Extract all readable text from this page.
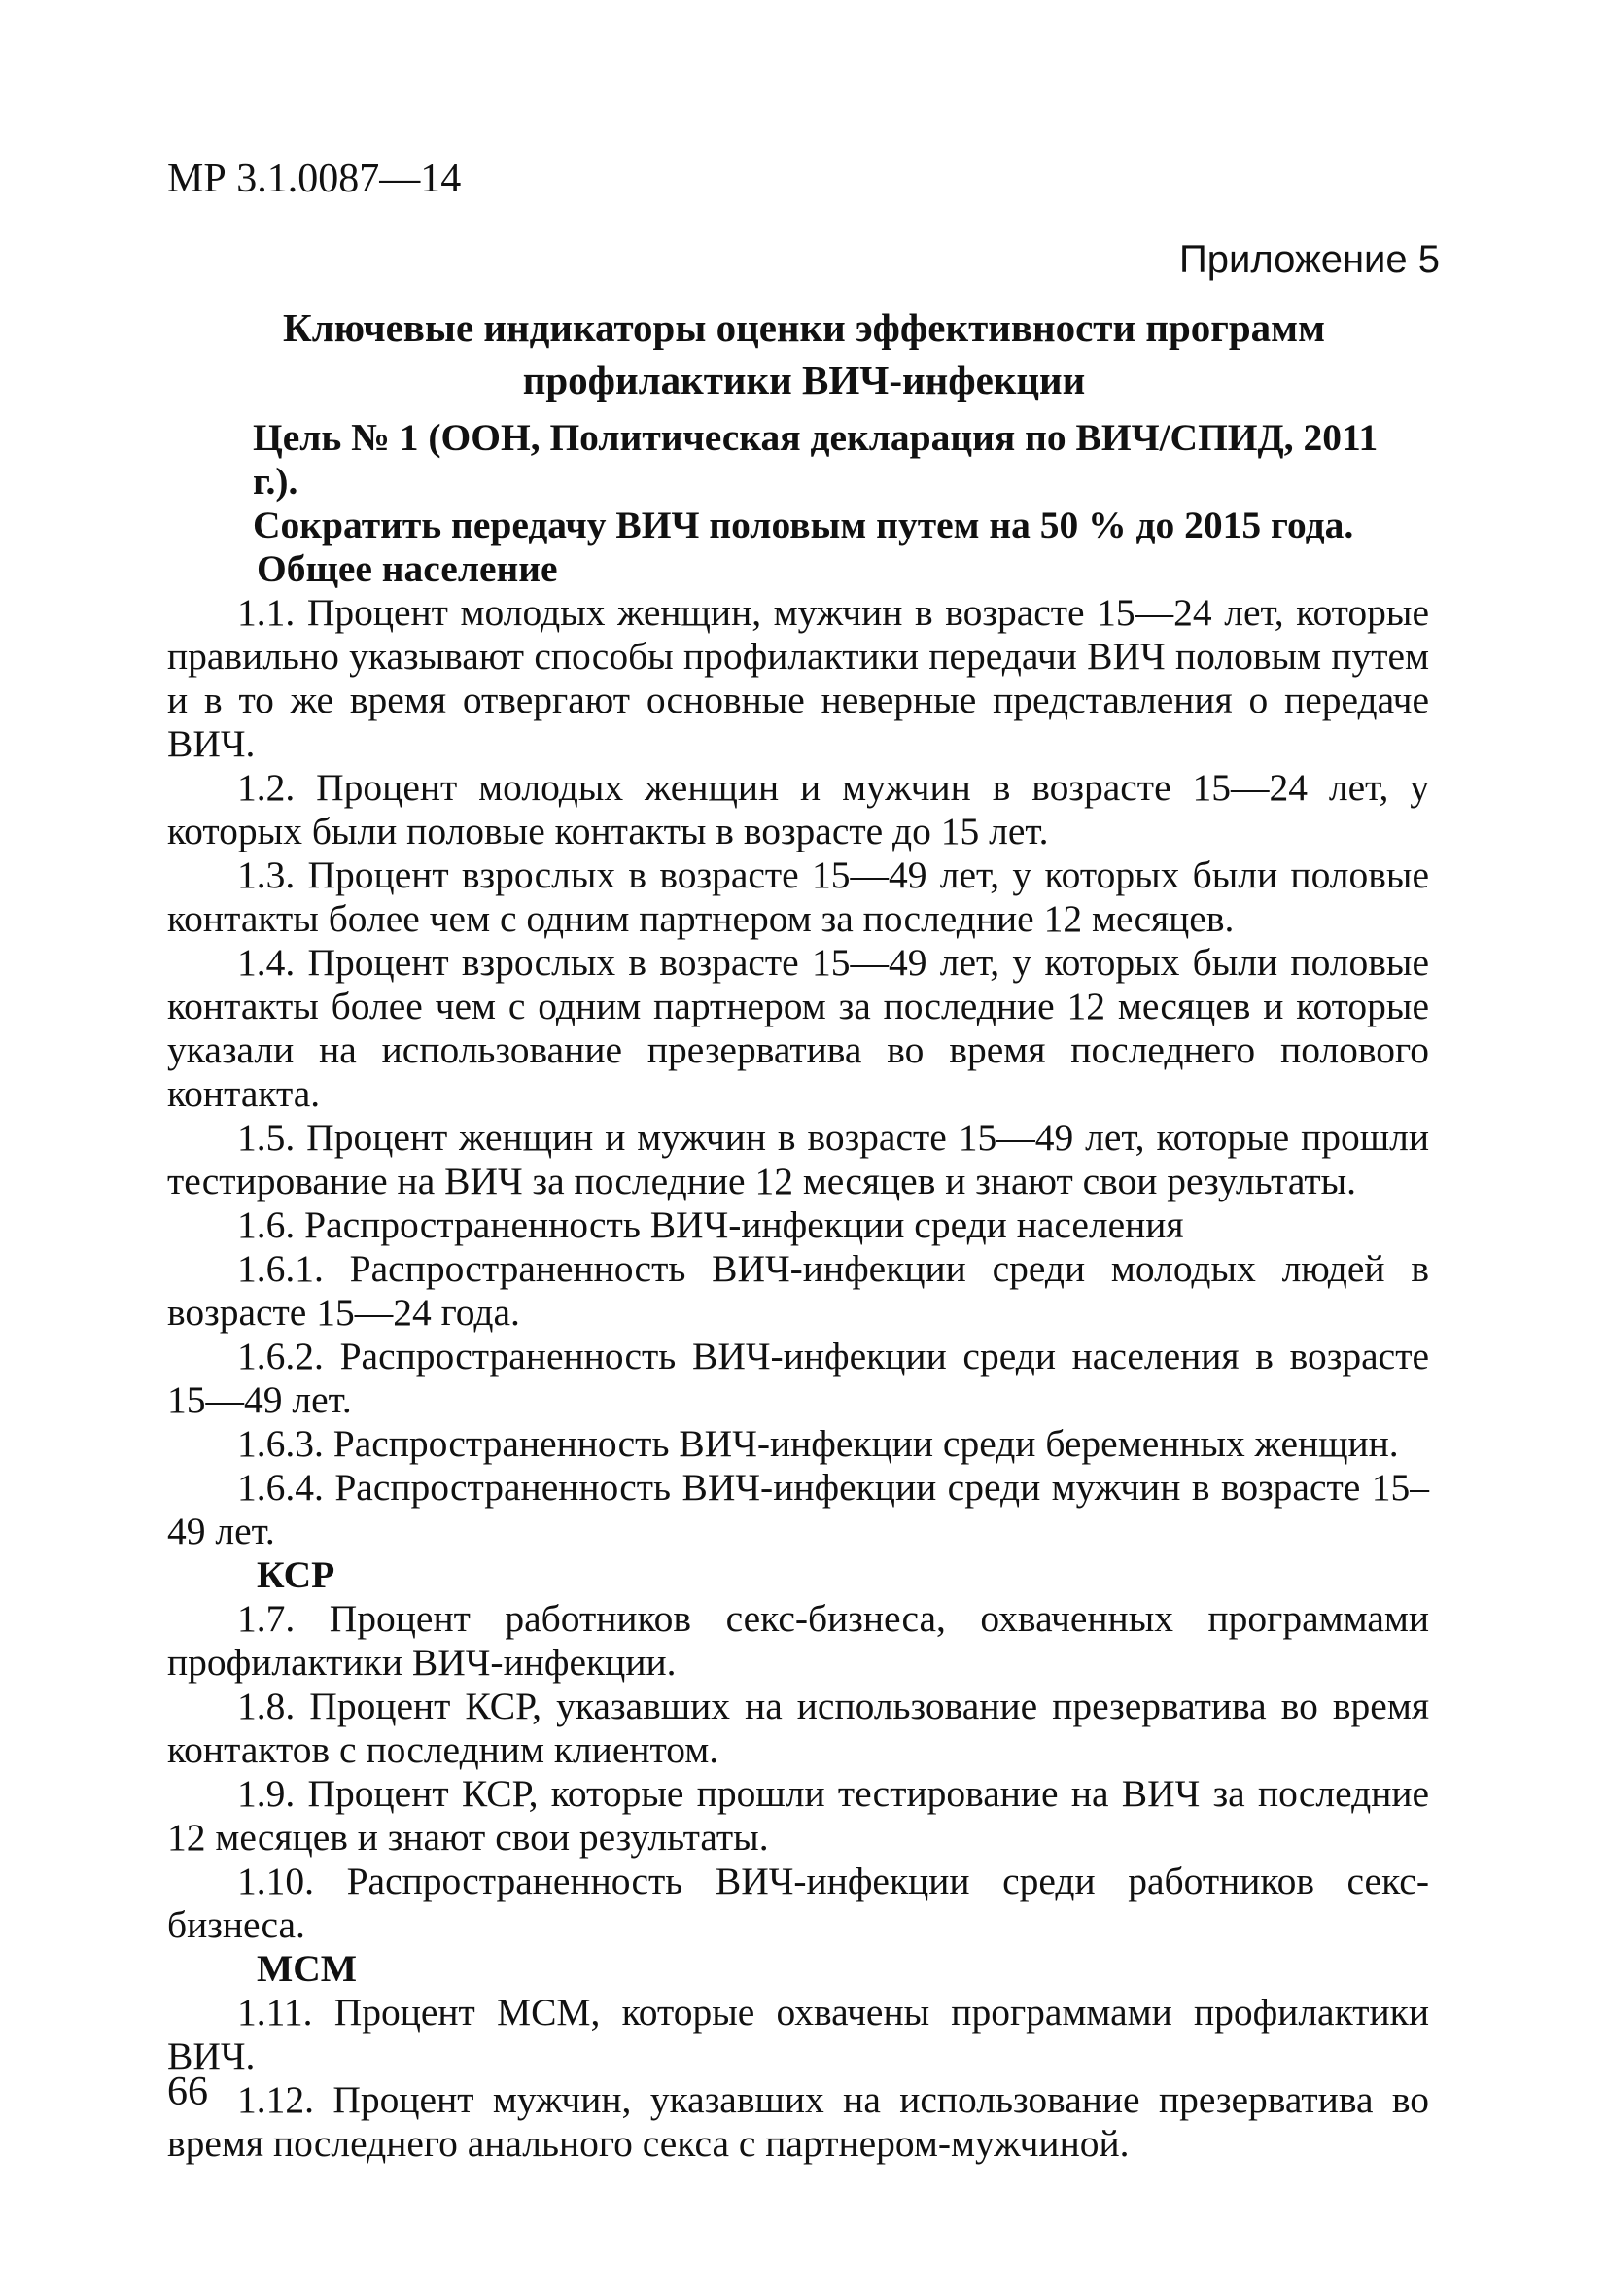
МР 3.1.0087—14
Приложение 5
Ключевые индикаторы оценки эффективности программ
профилактики ВИЧ-инфекции

Цель № 1 (ООН, Политическая декларация по ВИЧ/СПИД, 2011 г.).
Сократить передачу ВИЧ половым путем на 50 % до 2015 года.

Общее население

1.1. Процент молодых женщин, мужчин в возрасте 15—24 лет, которые правильно указывают способы профилактики передачи ВИЧ половым путем и в то же время отвергают основные неверные представления о передаче ВИЧ.

1.2. Процент молодых женщин и мужчин в возрасте 15—24 лет, у которых были половые контакты в возрасте до 15 лет.

1.3. Процент взрослых в возрасте 15—49 лет, у которых были половые контакты более чем с одним партнером за последние 12 месяцев.

1.4. Процент взрослых в возрасте 15—49 лет, у которых были половые контакты более чем с одним партнером за последние 12 месяцев и которые указали на использование презерватива во время последнего полового контакта.

1.5. Процент женщин и мужчин в возрасте 15—49 лет, которые прошли тестирование на ВИЧ за последние 12 месяцев и знают свои результаты.

1.6. Распространенность ВИЧ-инфекции среди населения

1.6.1. Распространенность ВИЧ-инфекции среди молодых людей в возрасте 15—24 года.

1.6.2. Распространенность ВИЧ-инфекции среди населения в возрасте 15—49 лет.

1.6.3. Распространенность ВИЧ-инфекции среди беременных женщин.

1.6.4. Распространенность ВИЧ-инфекции среди мужчин в возрасте 15–49 лет.

КСР

1.7. Процент работников секс-бизнеса, охваченных программами профилактики ВИЧ-инфекции.

1.8. Процент КСР, указавших на использование презерватива во время контактов с последним клиентом.

1.9. Процент КСР, которые прошли тестирование на ВИЧ за последние 12 месяцев и знают свои результаты.

1.10. Распространенность ВИЧ-инфекции среди работников секс-бизнеса.

МСМ

1.11. Процент МСМ, которые охвачены программами профилактики ВИЧ.

1.12. Процент мужчин, указавших на использование презерватива во время последнего анального секса с партнером-мужчиной.

66
